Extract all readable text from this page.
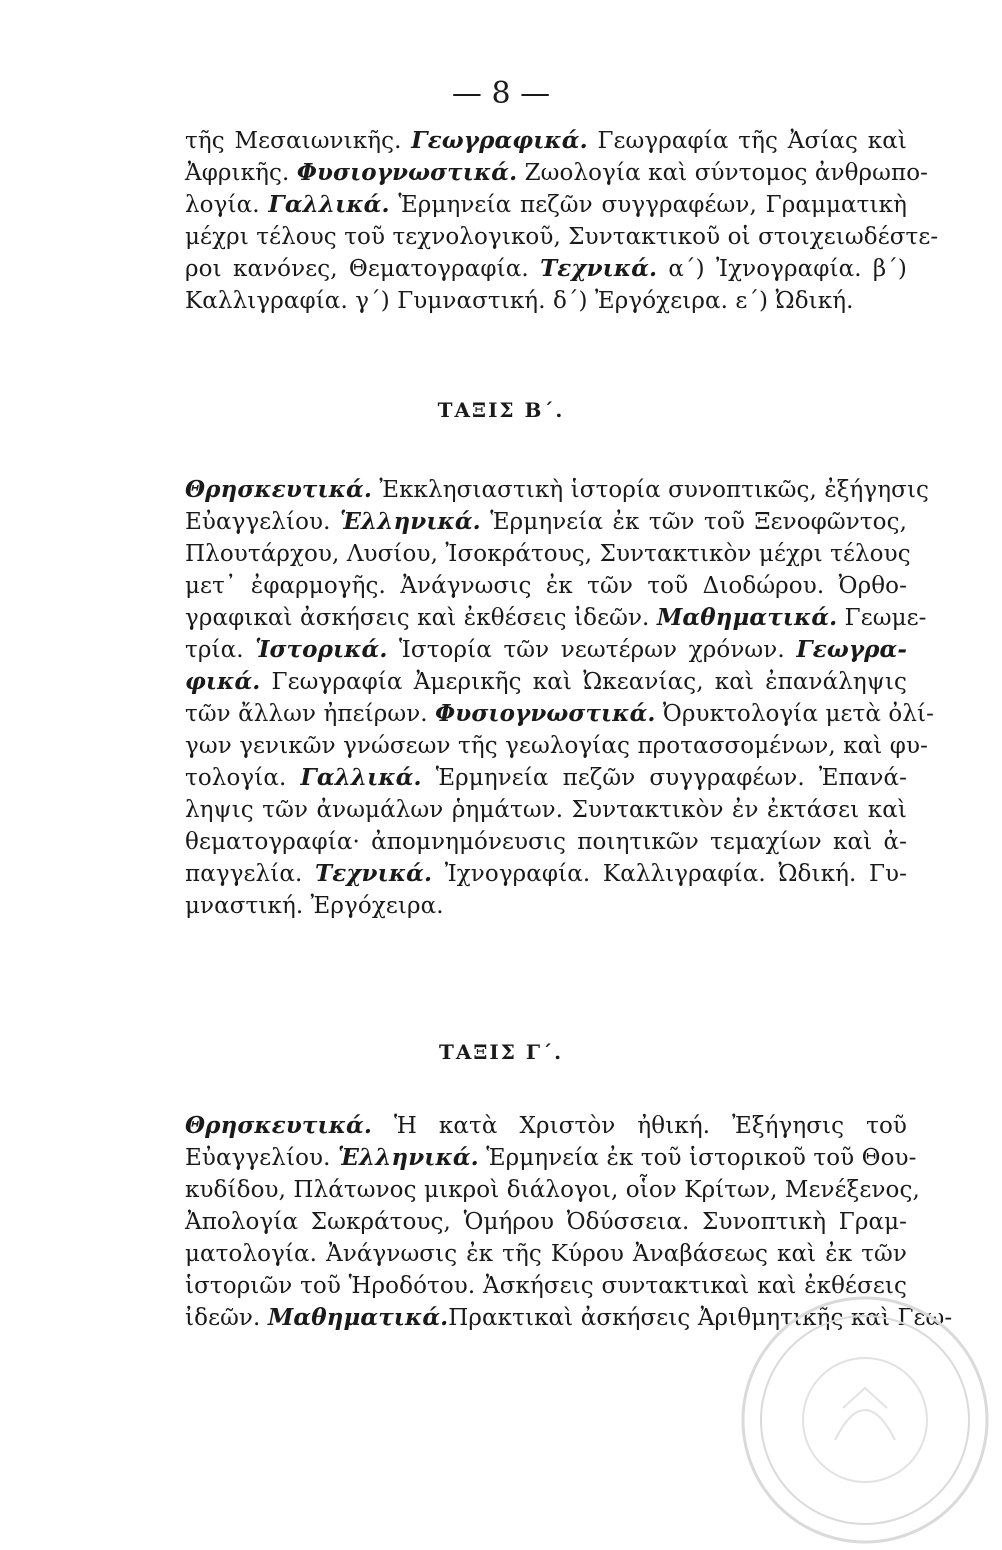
— 8 —
τῆς Μεσαιωνικῆς. Γεωγραφικά. Γεωγραφία τῆς Ἀσίας καὶ
Ἀφρικῆς. Φυσιογνωστικά. Ζωολογία καὶ σύντομος ἀνθρωπο-
λογία. Γαλλικά. Ἑρμηνεία πεζῶν συγγραφέων, Γραμματικὴ
μέχρι τέλους τοῦ τεχνολογικοῦ, Συντακτικοῦ οἱ στοιχειωδέστε-
ροι κανόνες, Θεματογραφία. Τεχνικά. α΄) Ἰχνογραφία. β΄)
Καλλιγραφία. γ΄) Γυμναστική. δ΄) Ἐργόχειρα. ε΄) Ὠδική.
ΤΑΞΙΣ Β΄.
Θρησκευτικά. Ἐκκλησιαστικὴ ἱστορία συνοπτικῶς, ἐξήγησις
Εὐαγγελίου. Ἑλληνικά. Ἑρμηνεία ἐκ τῶν τοῦ Ξενοφῶντος,
Πλουτάρχου, Λυσίου, Ἰσοκράτους, Συντακτικὸν μέχρι τέλους
μετ᾽ ἐφαρμογῆς. Ἀνάγνωσις ἐκ τῶν τοῦ Διοδώρου. Ὀρθο-
γραφικαὶ ἀσκήσεις καὶ ἐκθέσεις ἰδεῶν. Μαθηματικά. Γεωμε-
τρία. Ἱστορικά. Ἱστορία τῶν νεωτέρων χρόνων. Γεωγρα-
φικά. Γεωγραφία Ἀμερικῆς καὶ Ὠκεανίας, καὶ ἐπανάληψις
τῶν ἄλλων ἠπείρων. Φυσιογνωστικά. Ὀρυκτολογία μετὰ ὀλί-
γων γενικῶν γνώσεων τῆς γεωλογίας προτασσομένων, καὶ φυ-
τολογία. Γαλλικά. Ἑρμηνεία πεζῶν συγγραφέων. Ἐπανά-
ληψις τῶν ἀνωμάλων ῥημάτων. Συντακτικὸν ἐν ἐκτάσει καὶ
θεματογραφία· ἀπομνημόνευσις ποιητικῶν τεμαχίων καὶ ἀ-
παγγελία. Τεχνικά. Ἰχνογραφία. Καλλιγραφία. Ὠδική. Γυ-
μναστική. Ἐργόχειρα.
ΤΑΞΙΣ Γ΄.
Θρησκευτικά. Ἡ κατὰ Χριστὸν ἠθική. Ἐξήγησις τοῦ
Εὐαγγελίου. Ἑλληνικά. Ἑρμηνεία ἐκ τοῦ ἱστορικοῦ τοῦ Θου-
κυδίδου, Πλάτωνος μικροὶ διάλογοι, οἷον Κρίτων, Μενέξενος,
Ἀπολογία Σωκράτους, Ὁμήρου Ὀδύσσεια. Συνοπτικὴ Γραμ-
ματολογία. Ἀνάγνωσις ἐκ τῆς Κύρου Ἀναβάσεως καὶ ἐκ τῶν
ἱστοριῶν τοῦ Ἡροδότου. Ἀσκήσεις συντακτικαὶ καὶ ἐκθέσεις
ἰδεῶν. Μαθηματικά.Πρακτικαὶ ἀσκήσεις Ἀριθμητικῆς καὶ Γεω-
